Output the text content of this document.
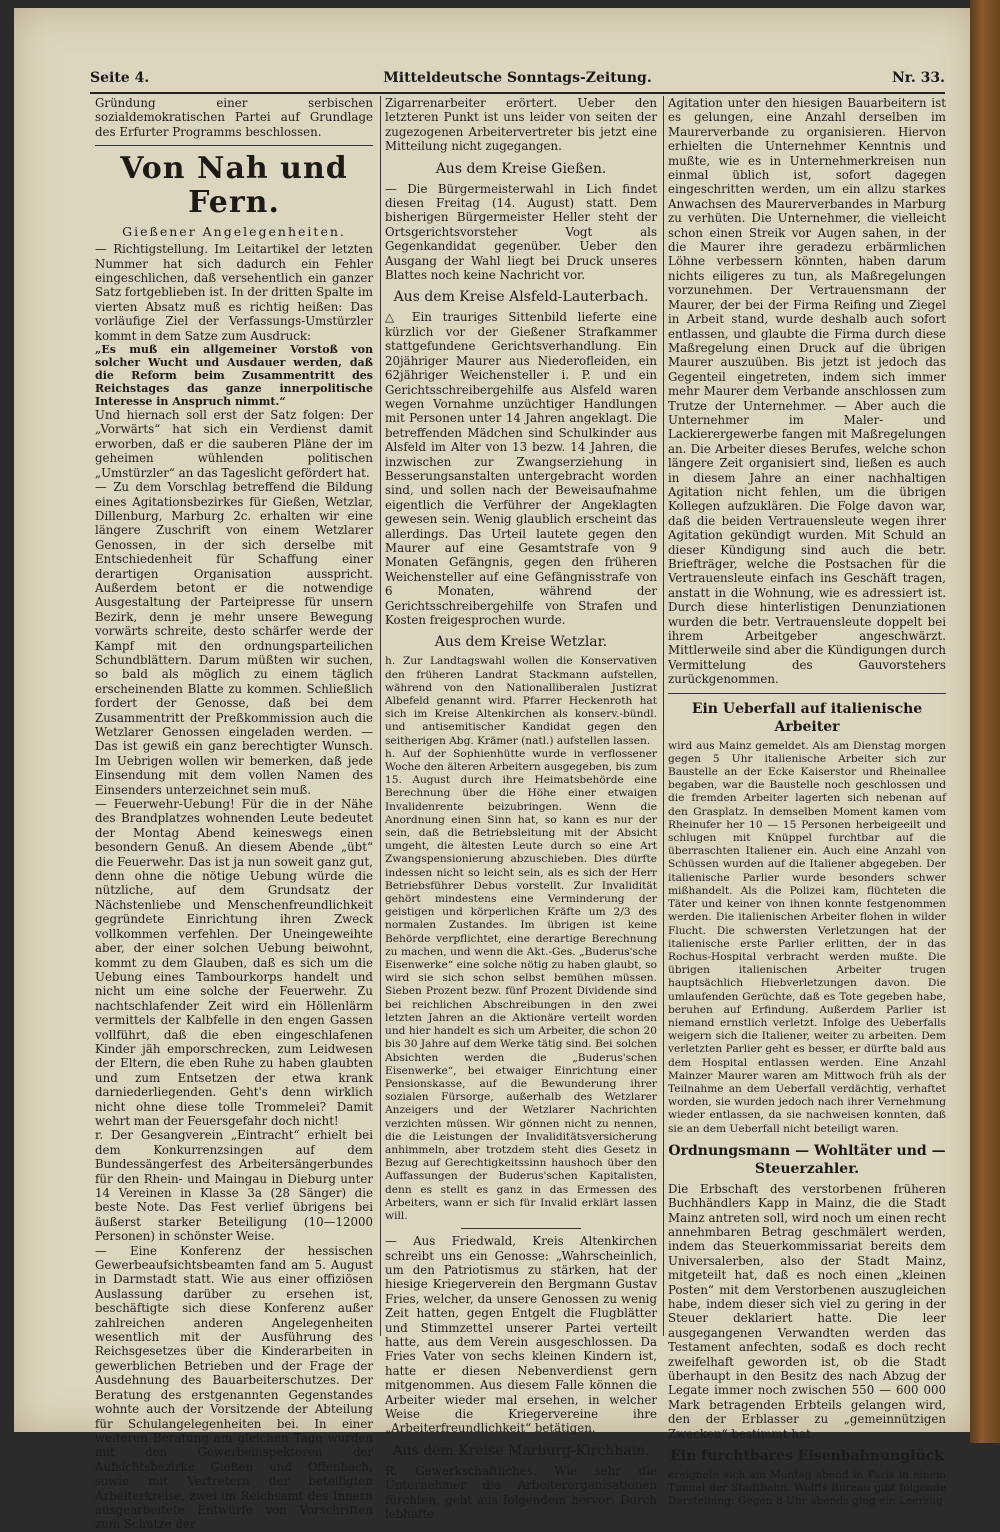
Seite 4.	Mitteldeutsche Sonntags-Zeitung.	Nr. 33.

Gründung einer serbischen sozialdemokratischen Partei auf Grundlage des Erfurter Programms beschlossen.

Von Nah und Fern.
Gießener Angelegenheiten.

— Richtigstellung. Im Leitartikel der letzten Nummer hat sich dadurch ein Fehler eingeschlichen, daß versehentlich ein ganzer Satz fortgeblieben ist. In der dritten Spalte im vierten Absatz muß es richtig heißen: Das vorläufige Ziel der Verfassungs-Umstürzler kommt in dem Satze zum Ausdruck:

„Es muß ein allgemeiner Vorstoß von solcher Wucht und Ausdauer werden, daß die Reform beim Zusammentritt des Reichstages das ganze innerpolitische Interesse in Anspruch nimmt.“

Und hiernach soll erst der Satz folgen: Der „Vorwärts“ hat sich ein Verdienst damit erworben, daß er die sauberen Pläne der im geheimen wühlenden politischen „Umstürzler“ an das Tageslicht gefördert hat.

— Zu dem Vorschlag betreffend die Bildung eines Agitationsbezirkes für Gießen, Wetzlar, Dillenburg, Marburg 2c. erhalten wir eine längere Zuschrift von einem Wetzlarer Genossen, in der sich derselbe mit Entschiedenheit für Schaffung einer derartigen Organisation ausspricht. Außerdem betont er die notwendige Ausgestaltung der Parteipresse für unsern Bezirk, denn je mehr unsere Bewegung vorwärts schreite, desto schärfer werde der Kampf mit den ordnungsparteilichen Schundblättern. Darum müßten wir suchen, so bald als möglich zu einem täglich erscheinenden Blatte zu kommen. Schließlich fordert der Genosse, daß bei dem Zusammentritt der Preßkommission auch die Wetzlarer Genossen eingeladen werden. — Das ist gewiß ein ganz berechtigter Wunsch. Im Uebrigen wollen wir bemerken, daß jede Einsendung mit dem vollen Namen des Einsenders unterzeichnet sein muß.

— Feuerwehr-Uebung! Für die in der Nähe des Brandplatzes wohnenden Leute bedeutet der Montag Abend keineswegs einen besondern Genuß. An diesem Abende „übt“ die Feuerwehr. Das ist ja nun soweit ganz gut, denn ohne die nötige Uebung würde die nützliche, auf dem Grundsatz der Nächstenliebe und Menschenfreundlichkeit gegründete Einrichtung ihren Zweck vollkommen verfehlen. Der Uneingeweihte aber, der einer solchen Uebung beiwohnt, kommt zu dem Glauben, daß es sich um die Uebung eines Tambourkorps handelt und nicht um eine solche der Feuerwehr. Zu nachtschlafender Zeit wird ein Höllenlärm vermittels der Kalbfelle in den engen Gassen vollführt, daß die eben eingeschlafenen Kinder jäh emporschrecken, zum Leidwesen der Eltern, die eben Ruhe zu haben glaubten und zum Entsetzen der etwa krank darniederliegenden. Geht's denn wirklich nicht ohne diese tolle Trommelei? Damit wehrt man der Feuersgefahr doch nicht!

r. Der Gesangverein „Eintracht“ erhielt bei dem Konkurrenzsingen auf dem Bundessängerfest des Arbeitersängerbundes für den Rhein- und Maingau in Dieburg unter 14 Vereinen in Klasse 3a (28 Sänger) die beste Note. Das Fest verlief übrigens bei äußerst starker Beteiligung (10—12000 Personen) in schönster Weise.

— Eine Konferenz der hessischen Gewerbeaufsichtsbeamten fand am 5. August in Darmstadt statt. Wie aus einer offiziösen Auslassung darüber zu ersehen ist, beschäftigte sich diese Konferenz außer zahlreichen anderen Angelegenheiten wesentlich mit der Ausführung des Reichsgesetzes über die Kinderarbeiten in gewerblichen Betrieben und der Frage der Ausdehnung des Bauarbeiterschutzes. Der Beratung des erstgenannten Gegenstandes wohnte auch der Vorsitzende der Abteilung für Schulangelegenheiten bei. In einer weiteren Beratung am gleichen Tage wurden mit den Gewerbeinspektoren der Aufsichtsbezirke Gießen und Offenbach, sowie mit Vertretern der beteiligten Arbeiterkreise, zwei im Reichsamt des Innern ausgearbeitete Entwürfe von Vorschriften zum Schutze der

Zigarrenarbeiter erörtert. Ueber den letzteren Punkt ist uns leider von seiten der zugezogenen Arbeitervertreter bis jetzt eine Mitteilung nicht zugegangen.

Aus dem Kreise Gießen.

— Die Bürgermeisterwahl in Lich findet diesen Freitag (14. August) statt. Dem bisherigen Bürgermeister Heller steht der Ortsgerichtsvorsteher Vogt als Gegenkandidat gegenüber. Ueber den Ausgang der Wahl liegt bei Druck unseres Blattes noch keine Nachricht vor.

Aus dem Kreise Alsfeld-Lauterbach.

△ Ein trauriges Sittenbild lieferte eine kürzlich vor der Gießener Strafkammer stattgefundene Gerichtsverhandlung. Ein 20jähriger Maurer aus Niederofleiden, ein 62jähriger Weichensteller i. P. und ein Gerichtsschreibergehilfe aus Alsfeld waren wegen Vornahme unzüchtiger Handlungen mit Personen unter 14 Jahren angeklagt. Die betreffenden Mädchen sind Schulkinder aus Alsfeld im Alter von 13 bezw. 14 Jahren, die inzwischen zur Zwangserziehung in Besserungsanstalten untergebracht worden sind, und sollen nach der Beweisaufnahme eigentlich die Verführer der Angeklagten gewesen sein. Wenig glaublich erscheint das allerdings. Das Urteil lautete gegen den Maurer auf eine Gesamtstrafe von 9 Monaten Gefängnis, gegen den früheren Weichensteller auf eine Gefängnisstrafe von 6 Monaten, während der Gerichtsschreibergehilfe von Strafen und Kosten freigesprochen wurde.

Aus dem Kreise Wetzlar.

h. Zur Landtagswahl wollen die Konservativen den früheren Landrat Stackmann aufstellen, während von den Nationalliberalen Justizrat Albefeld genannt wird. Pfarrer Heckenroth hat sich im Kreise Altenkirchen als konserv.-bündl. und antisemitischer Kandidat gegen den seitherigen Abg. Krämer (natl.) aufstellen lassen.

h. Auf der Sophienhütte wurde in verflossener Woche den älteren Arbeitern ausgegeben, bis zum 15. August durch ihre Heimatsbehörde eine Berechnung über die Höhe einer etwaigen Invalidenrente beizubringen. Wenn die Anordnung einen Sinn hat, so kann es nur der sein, daß die Betriebsleitung mit der Absicht umgeht, die ältesten Leute durch so eine Art Zwangspensionierung abzuschieben. Dies dürfte indessen nicht so leicht sein, als es sich der Herr Betriebsführer Debus vorstellt. Zur Invalidität gehört mindestens eine Verminderung der geistigen und körperlichen Kräfte um 2/3 des normalen Zustandes. Im übrigen ist keine Behörde verpflichtet, eine derartige Berechnung zu machen, und wenn die Akt.-Ges. „Buderus'sche Eisenwerke“ eine solche nötig zu haben glaubt, so wird sie sich schon selbst bemühen müssen. Sieben Prozent bezw. fünf Prozent Dividende sind bei reichlichen Abschreibungen in den zwei letzten Jahren an die Aktionäre verteilt worden und hier handelt es sich um Arbeiter, die schon 20 bis 30 Jahre auf dem Werke tätig sind. Bei solchen Absichten werden die „Buderus'schen Eisenwerke“, bei etwaiger Einrichtung einer Pensionskasse, auf die Bewunderung ihrer sozialen Fürsorge, außerhalb des Wetzlarer Anzeigers und der Wetzlarer Nachrichten verzichten müssen. Wir gönnen nicht zu nennen, die die Leistungen der Invaliditätsversicherung anhimmeln, aber trotzdem steht dies Gesetz in Bezug auf Gerechtigkeitssinn haushoch über den Auffassungen der Buderus'schen Kapitalisten, denn es stellt es ganz in das Ermessen des Arbeiters, wann er sich für Invalid erklärt lassen will.

— Aus Friedwald, Kreis Altenkirchen schreibt uns ein Genosse: „Wahrscheinlich, um den Patriotismus zu stärken, hat der hiesige Kriegerverein den Bergmann Gustav Fries, welcher, da unsere Genossen zu wenig Zeit hatten, gegen Entgelt die Flugblätter und Stimmzettel unserer Partei verteilt hatte, aus dem Verein ausgeschlossen. Da Fries Vater von sechs kleinen Kindern ist, hatte er diesen Nebenverdienst gern mitgenommen. Aus diesem Falle können die Arbeiter wieder mal ersehen, in welcher Weise die Kriegervereine ihre „Arbeiterfreundlichkeit“ betätigen.

Aus dem Kreise Marburg-Kirchhain.

R. Gewerkschaftliches. Wie sehr die Unternehmer die Arbeiterorganisationen fürchten, geht aus folgendem hervor: Durch lebhafte

Agitation unter den hiesigen Bauarbeitern ist es gelungen, eine Anzahl derselben im Maurerverbande zu organisieren. Hiervon erhielten die Unternehmer Kenntnis und mußte, wie es in Unternehmerkreisen nun einmal üblich ist, sofort dagegen eingeschritten werden, um ein allzu starkes Anwachsen des Maurerverbandes in Marburg zu verhüten. Die Unternehmer, die vielleicht schon einen Streik vor Augen sahen, in der die Maurer ihre geradezu erbärmlichen Löhne verbessern könnten, haben darum nichts eiligeres zu tun, als Maßregelungen vorzunehmen. Der Vertrauensmann der Maurer, der bei der Firma Reifing und Ziegel in Arbeit stand, wurde deshalb auch sofort entlassen, und glaubte die Firma durch diese Maßregelung einen Druck auf die übrigen Maurer auszuüben. Bis jetzt ist jedoch das Gegenteil eingetreten, indem sich immer mehr Maurer dem Verbande anschlossen zum Trutze der Unternehmer. — Aber auch die Unternehmer im Maler- und Lackierergewerbe fangen mit Maßregelungen an. Die Arbeiter dieses Berufes, welche schon längere Zeit organisiert sind, ließen es auch in diesem Jahre an einer nachhaltigen Agitation nicht fehlen, um die übrigen Kollegen aufzuklären. Die Folge davon war, daß die beiden Vertrauensleute wegen ihrer Agitation gekündigt wurden. Mit Schuld an dieser Kündigung sind auch die betr. Briefträger, welche die Postsachen für die Vertrauensleute einfach ins Geschäft tragen, anstatt in die Wohnung, wie es adressiert ist. Durch diese hinterlistigen Denunziationen wurden die betr. Vertrauensleute doppelt bei ihrem Arbeitgeber angeschwärzt. Mittlerweile sind aber die Kündigungen durch Vermittelung des Gauvorstehers zurückgenommen.

Ein Ueberfall auf italienische Arbeiter

wird aus Mainz gemeldet. Als am Dienstag morgen gegen 5 Uhr italienische Arbeiter sich zur Baustelle an der Ecke Kaiserstor und Rheinallee begaben, war die Baustelle noch geschlossen und die fremden Arbeiter lagerten sich nebenan auf den Grasplatz. In demselben Moment kamen vom Rheinufer her 10 — 15 Personen herbeigeeilt und schlugen mit Knüppel furchtbar auf die überraschten Italiener ein. Auch eine Anzahl von Schüssen wurden auf die Italiener abgegeben. Der italienische Parlier wurde besonders schwer mißhandelt. Als die Polizei kam, flüchteten die Täter und keiner von ihnen konnte festgenommen werden. Die italienischen Arbeiter flohen in wilder Flucht. Die schwersten Verletzungen hat der italienische erste Parlier erlitten, der in das Rochus-Hospital verbracht werden mußte. Die übrigen italienischen Arbeiter trugen hauptsächlich Hiebverletzungen davon. Die umlaufenden Gerüchte, daß es Tote gegeben habe, beruhen auf Erfindung. Außerdem Parlier ist niemand ernstlich verletzt. Infolge des Ueberfalls weigern sich die Italiener, weiter zu arbeiten. Dem verletzten Parlier geht es besser, er dürfte bald aus dem Hospital entlassen werden. Eine Anzahl Mainzer Maurer waren am Mittwoch früh als der Teilnahme an dem Ueberfall verdächtig, verhaftet worden, sie wurden jedoch nach ihrer Vernehmung wieder entlassen, da sie nachweisen konnten, daß sie an dem Ueberfall nicht beteiligt waren.

Ordnungsmann — Wohltäter und — Steuerzahler.

Die Erbschaft des verstorbenen früheren Buchhändlers Kapp in Mainz, die die Stadt Mainz antreten soll, wird noch um einen recht annehmbaren Betrag geschmälert werden, indem das Steuerkommissariat bereits dem Universalerben, also der Stadt Mainz, mitgeteilt hat, daß es noch einen „kleinen Posten“ mit dem Verstorbenen auszugleichen habe, indem dieser sich viel zu gering in der Steuer deklariert hatte. Die leer ausgegangenen Verwandten werden das Testament anfechten, sodaß es doch recht zweifelhaft geworden ist, ob die Stadt überhaupt in den Besitz des nach Abzug der Legate immer noch zwischen 550 — 600 000 Mark betragenden Erbteils gelangen wird, den der Erblasser zu „gemeinnützigen Zwecken“ bestimmt hat.

Ein furchtbares Eisenbahnunglück

ereignete sich am Montag abend in Paris in einem Tunnel der Stadtbahn. Wolffs Bureau gibt folgende Darstellung: Gegen 8 Uhr abends ging ein Leerzug
